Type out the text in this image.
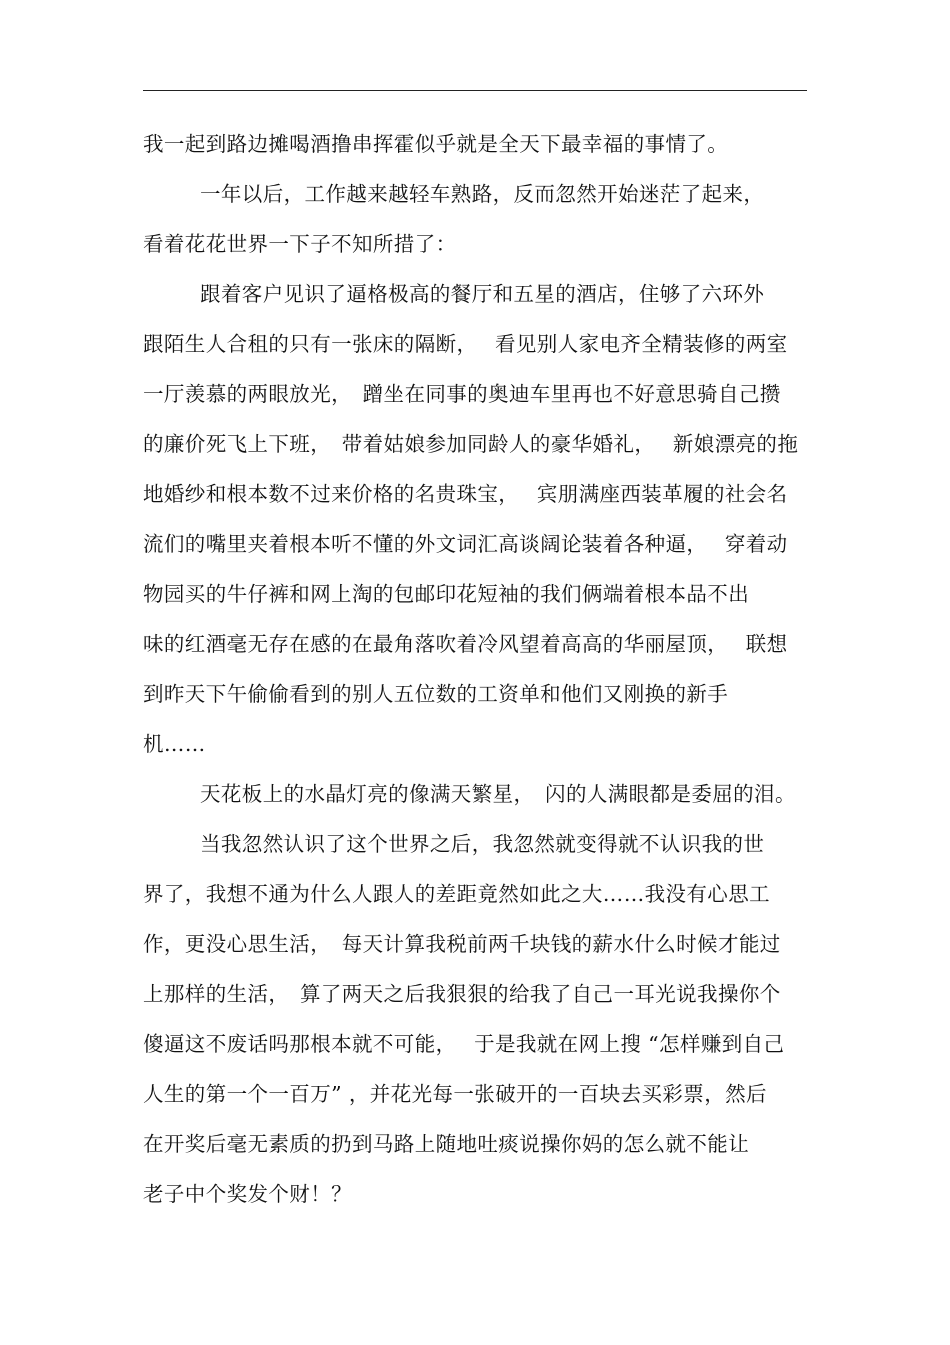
我一起到路边摊喝酒撸串挥霍似乎就是全天下最幸福的事情了。
一年以后，工作越来越轻车熟路，反而忽然开始迷茫了起来，
看着花花世界一下子不知所措了：
跟着客户见识了逼格极高的餐厅和五星的酒店，住够了六环外
跟陌生人合租的只有一张床的隔断，　 看见别人家电齐全精装修的两室
一厅羡慕的两眼放光，　蹭坐在同事的奥迪车里再也不好意思骑自己攒
的廉价死飞上下班，　带着姑娘参加同龄人的豪华婚礼，　 新娘漂亮的拖
地婚纱和根本数不过来价格的名贵珠宝，　 宾朋满座西装革履的社会名
流们的嘴里夹着根本听不懂的外文词汇高谈阔论装着各种逼，　 穿着动
物园买的牛仔裤和网上淘的包邮印花短袖的我们俩端着根本品不出
味的红酒毫无存在感的在最角落吹着冷风望着高高的华丽屋顶，　 联想
到昨天下午偷偷看到的别人五位数的工资单和他们又刚换的新手
机……
天花板上的水晶灯亮的像满天繁星，　闪的人满眼都是委屈的泪。
当我忽然认识了这个世界之后，我忽然就变得就不认识我的世
界了，我想不通为什么人跟人的差距竟然如此之大……我没有心思工
作，更没心思生活，　每天计算我税前两千块钱的薪水什么时候才能过
上那样的生活，　算了两天之后我狠狠的给我了自己一耳光说我操你个
傻逼这不废话吗那根本就不可能，　 于是我就在网上搜 “怎样赚到自己
人生的第一个一百万” ，并花光每一张破开的一百块去买彩票，然后
在开奖后毫无素质的扔到马路上随地吐痰说操你妈的怎么就不能让
老子中个奖发个财！？
